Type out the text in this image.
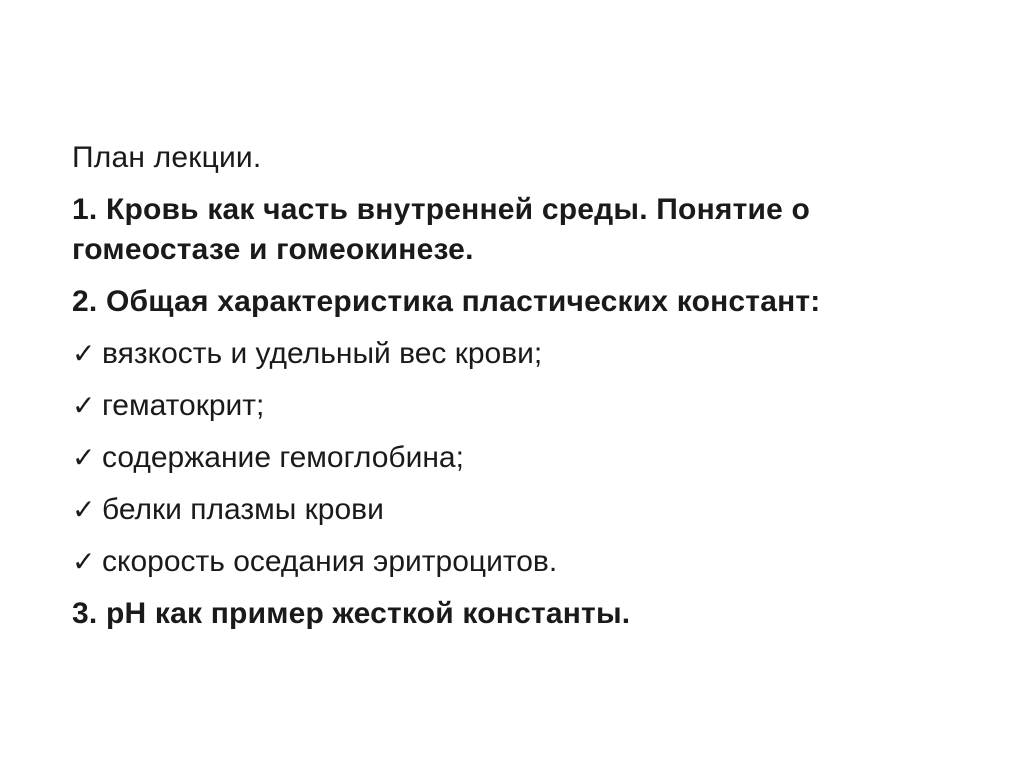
План лекции.

1. Кровь как часть внутренней среды. Понятие о гомеостазе и гомеокинезе.

2. Общая характеристика пластических констант:

✓ вязкость и удельный вес крови;
✓ гематокрит;
✓ содержание гемоглобина;
✓ белки плазмы крови
✓ скорость оседания эритроцитов.

3. pH как пример жесткой константы.
